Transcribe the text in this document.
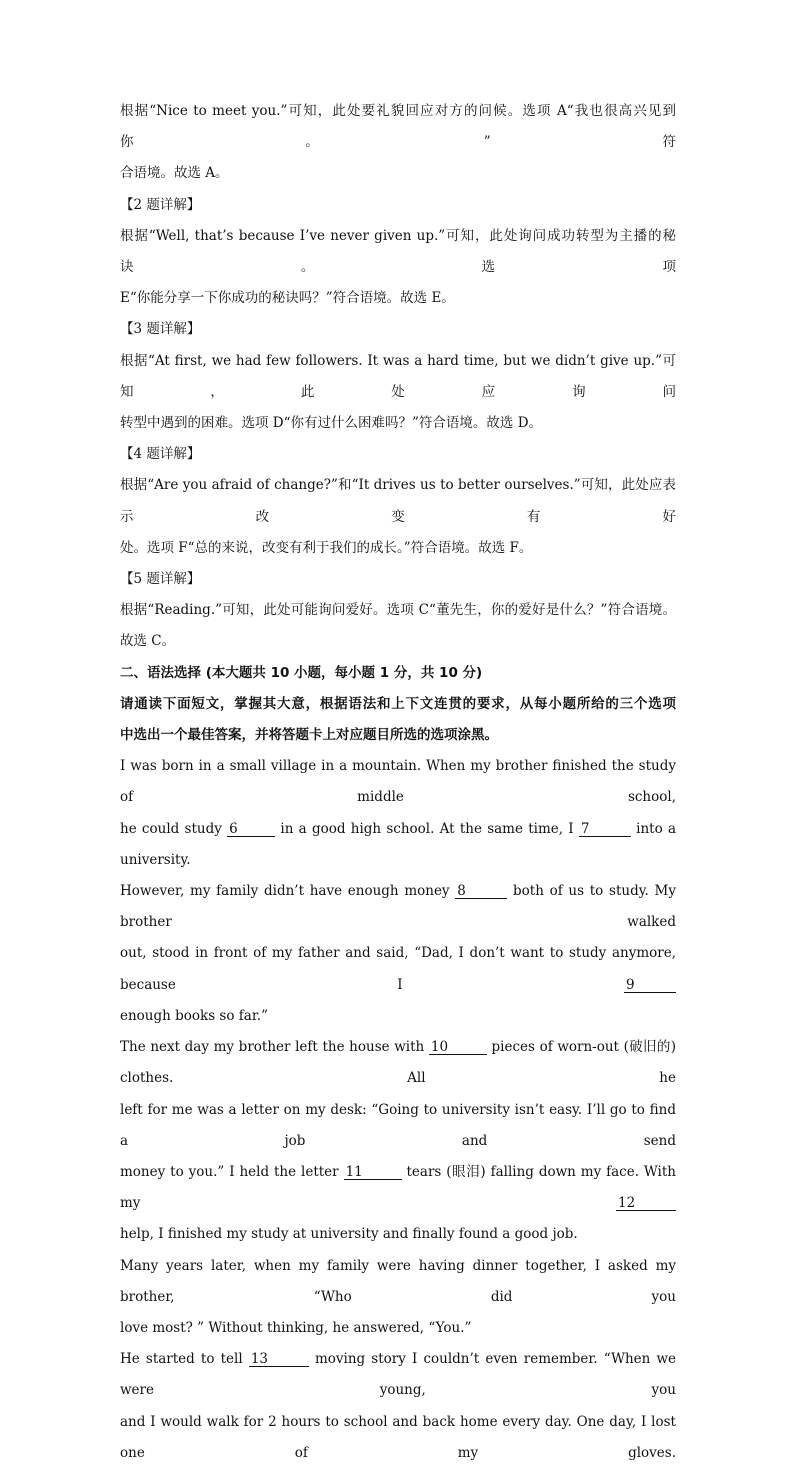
根据“Nice to meet you.”可知，此处要礼貌回应对方的问候。选项 A“我也很高兴见到你。”符
合语境。故选 A。
【2 题详解】
根据“Well, that’s because I’ve never given up.”可知，此处询问成功转型为主播的秘诀。选项
E“你能分享一下你成功的秘诀吗？”符合语境。故选 E。
【3 题详解】
根据“At first, we had few followers. It was a hard time, but we didn’t give up.”可知，此处应询问
转型中遇到的困难。选项 D“你有过什么困难吗？”符合语境。故选 D。
【4 题详解】
根据“Are you afraid of change?”和“It drives us to better ourselves.”可知，此处应表示改变有好
处。选项 F“总的来说，改变有利于我们的成长。”符合语境。故选 F。
【5 题详解】
根据“Reading.”可知，此处可能询问爱好。选项 C“董先生，你的爱好是什么？”符合语境。
故选 C。
二、语法选择 (本大题共 10 小题，每小题 1 分，共 10 分)
请通读下面短文，掌握其大意，根据语法和上下文连贯的要求，从每小题所给的三个选项
中选出一个最佳答案，并将答题卡上对应题目所选的选项涂黑。
I was born in a small village in a mountain. When my brother finished the study of middle school,
he could study 6	in a good high school. At the same time, I 7	into a university.
However, my family didn’t have enough money 8	both of us to study. My brother walked
out, stood in front of my father and said, “Dad, I don’t want to study anymore, because I	9
enough books so far.”
The next day my brother left the house with 10	pieces of worn-out (破旧的) clothes. All he
left for me was a letter on my desk: “Going to university isn’t easy. I’ll go to find a job and send
money to you.” I held the letter 11	tears (眼泪) falling down my face. With my	12
help, I finished my study at university and finally found a good job.
Many years later, when my family were having dinner together, I asked my brother, “Who did you
love most? ” Without thinking, he answered, “You.”
He started to tell 13	moving story I couldn’t even remember. “When we were young, you
and I would walk for 2 hours to school and back home every day. One day, I lost one of my gloves.
